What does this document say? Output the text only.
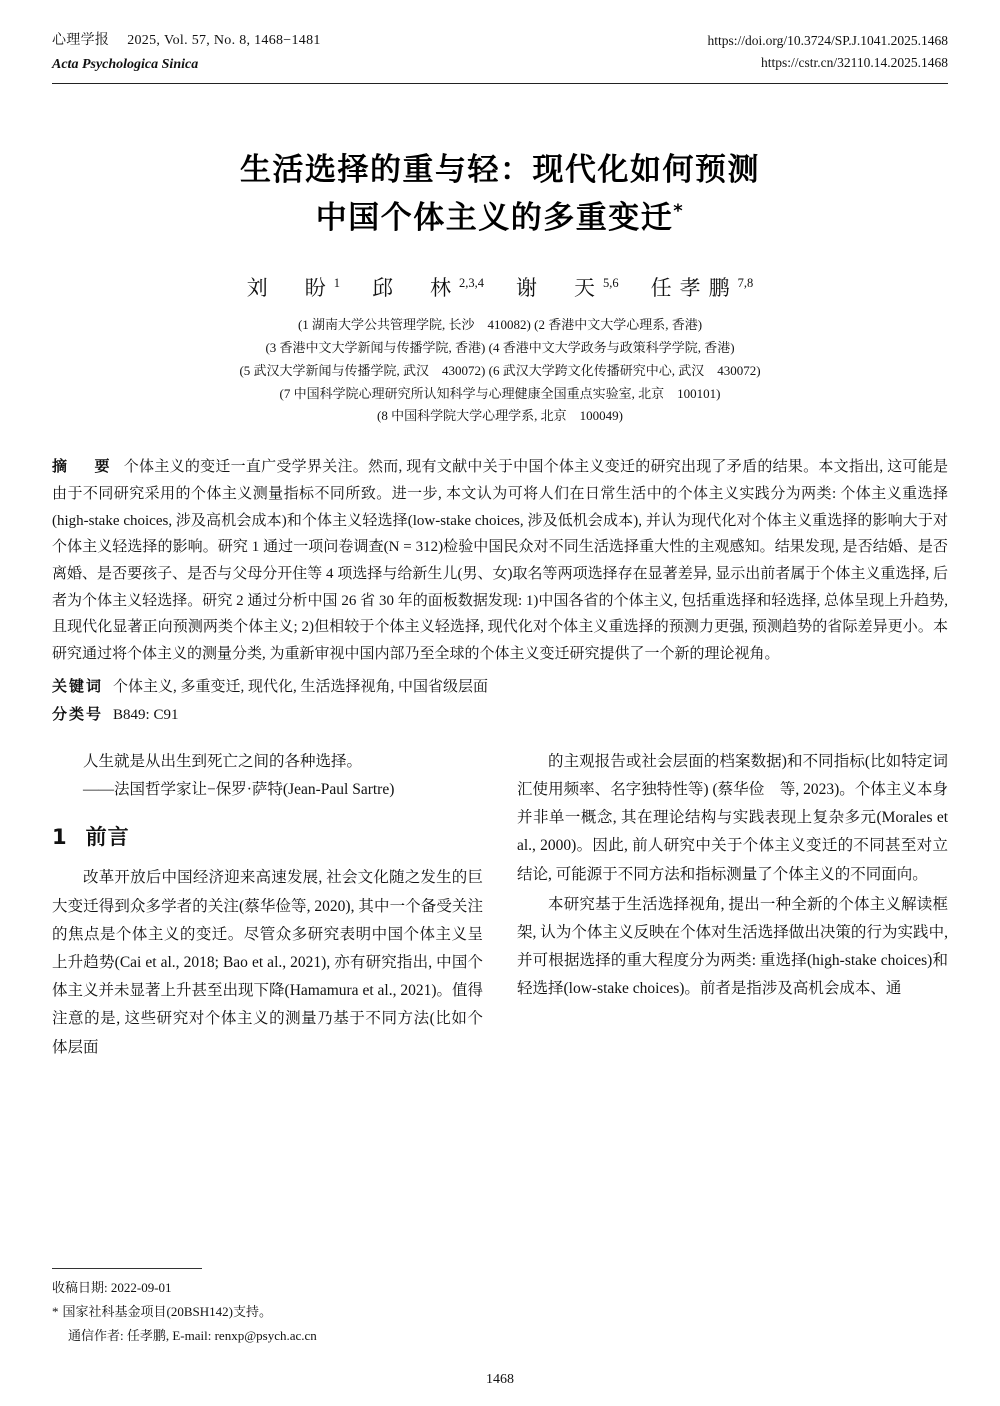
心理学报 2025, Vol. 57, No. 8, 1468−1481
Acta Psychologica Sinica
https://doi.org/10.3724/SP.J.1041.2025.1468
https://cstr.cn/32110.14.2025.1468
生活选择的重与轻：现代化如何预测
中国个体主义的多重变迁*
刘　盼$^1$ 邱　林$^{2,3,4}$ 谢　天$^{5,6}$ 任孝鹏$^{7,8}$
(1 湖南大学公共管理学院, 长沙　410082) (2 香港中文大学心理系, 香港)
(3 香港中文大学新闻与传播学院, 香港) (4 香港中文大学政务与政策科学学院, 香港)
(5 武汉大学新闻与传播学院, 武汉　430072) (6 武汉大学跨文化传播研究中心, 武汉　430072)
(7 中国科学院心理研究所认知科学与心理健康全国重点实验室, 北京　100101)
(8 中国科学院大学心理学系, 北京　100049)
摘　要 个体主义的变迁一直广受学界关注。然而, 现有文献中关于中国个体主义变迁的研究出现了矛盾的结果。本文指出, 这可能是由于不同研究采用的个体主义测量指标不同所致。进一步, 本文认为可将人们在日常生活中的个体主义实践分为两类: 个体主义重选择(high-stake choices, 涉及高机会成本)和个体主义轻选择(low-stake choices, 涉及低机会成本), 并认为现代化对个体主义重选择的影响大于对个体主义轻选择的影响。研究 1 通过一项问卷调查(N = 312)检验中国民众对不同生活选择重大性的主观感知。结果发现, 是否结婚、是否离婚、是否要孩子、是否与父母分开住等 4 项选择与给新生儿(男、女)取名等两项选择存在显著差异, 显示出前者属于个体主义重选择, 后者为个体主义轻选择。研究 2 通过分析中国 26 省 30 年的面板数据发现: 1)中国各省的个体主义, 包括重选择和轻选择, 总体呈现上升趋势, 且现代化显著正向预测两类个体主义; 2)但相较于个体主义轻选择, 现代化对个体主义重选择的预测力更强, 预测趋势的省际差异更小。本研究通过将个体主义的测量分类, 为重新审视中国内部乃至全球的个体主义变迁研究提供了一个新的理论视角。
关键词 个体主义, 多重变迁, 现代化, 生活选择视角, 中国省级层面
分类号 B849: C91
人生就是从出生到死亡之间的各种选择。
——法国哲学家让−保罗·萨特(Jean-Paul Sartre)
1 前言

改革开放后中国经济迎来高速发展, 社会文化随之发生的巨大变迁得到众多学者的关注(蔡华俭等, 2020), 其中一个备受关注的焦点是个体主义的变迁。尽管众多研究表明中国个体主义呈上升趋势(Cai et al., 2018; Bao et al., 2021), 亦有研究指出, 中国个体主义并未显著上升甚至出现下降(Hamamura et al., 2021)。值得注意的是, 这些研究对个体主义的测量乃基于不同方法(比如个体层面

的主观报告或社会层面的档案数据)和不同指标(比如特定词汇使用频率、名字独特性等) (蔡华俭　等, 2023)。个体主义本身并非单一概念, 其在理论结构与实践表现上复杂多元(Morales et al., 2000)。因此, 前人研究中关于个体主义变迁的不同甚至对立结论, 可能源于不同方法和指标测量了个体主义的不同面向。

本研究基于生活选择视角, 提出一种全新的个体主义解读框架, 认为个体主义反映在个体对生活选择做出决策的行为实践中, 并可根据选择的重大程度分为两类: 重选择(high-stake choices)和轻选择(low-stake choices)。前者是指涉及高机会成本、通

收稿日期: 2022-09-01
* 国家社科基金项目(20BSH142)支持。
通信作者: 任孝鹏, E-mail: renxp@psych.ac.cn
1468
